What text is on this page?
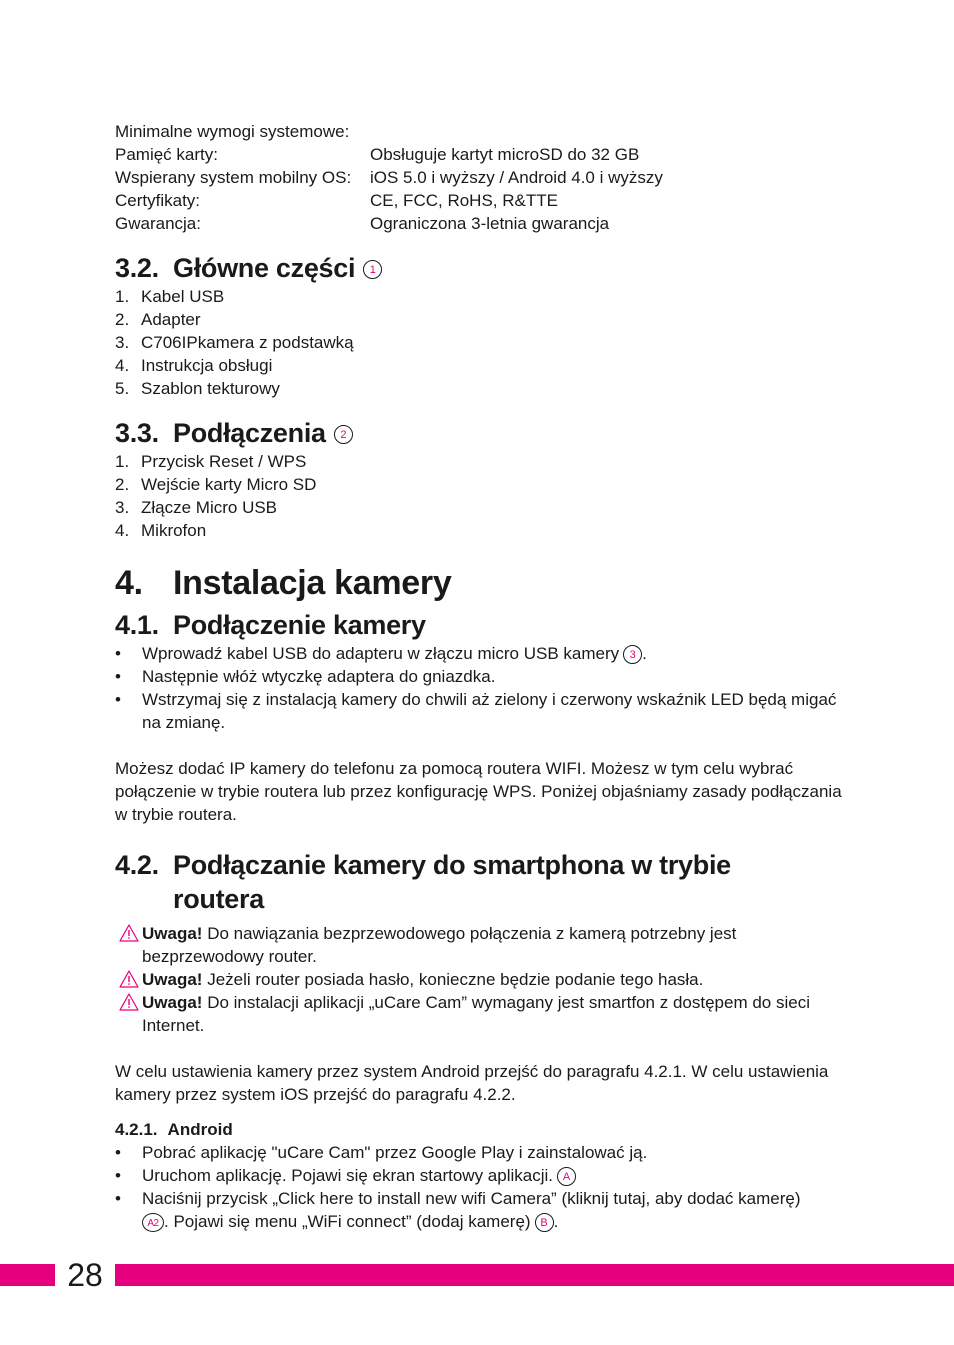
Minimalne wymogi systemowe:

Pamięć karty:	Obsługuje kartyt microSD do 32 GB
Wspierany system mobilny OS:	iOS 5.0 i wyższy / Android 4.0 i wyższy
Certyfikaty:	CE, FCC, RoHS, R&TTE
Gwarancja:	Ograniczona 3-letnia gwarancja
3.2. Główne części	1
1. Kabel USB
2. Adapter
3. C706IPkamera z podstawką
4. Instrukcja obsługi
5. Szablon tekturowy
3.3. Podłączenia	2
1. Przycisk Reset / WPS
2. Wejście karty Micro SD
3. Złącze Micro USB
4. Mikrofon
4. Instalacja kamery
4.1. Podłączenie kamery
•	Wprowadź kabel USB do adapteru w złączu micro USB kamery 3 .
•	Następnie włóż wtyczkę adaptera do gniazdka.
•	Wstrzymaj się z instalacją kamery do chwili aż zielony i czerwony wskaźnik LED będą migać na zmianę.

Możesz dodać IP kamery do telefonu za pomocą routera WIFI. Możesz w tym celu wybrać połączenie w trybie routera lub przez konfigurację WPS. Poniżej objaśniamy zasady podłączania w trybie routera.

4.2. Podłączanie kamery do smartphona w trybie routera
Uwaga! Do nawiązania bezprzewodowego połączenia z kamerą potrzebny jest bezprzewodowy router.
Uwaga! Jeżeli router posiada hasło, konieczne będzie podanie tego hasła.
Uwaga! Do instalacji aplikacji „uCare Cam” wymagany jest smartfon z dostępem do sieci Internet.

W celu ustawienia kamery przez system Android przejść do paragrafu 4.2.1. W celu ustawienia kamery przez system iOS przejść do paragrafu 4.2.2.

4.2.1. Android
•	Pobrać aplikację "uCare Cam" przez Google Play i zainstalować ją.
•	Uruchom aplikację. Pojawi się ekran startowy aplikacji. A
•	Naciśnij przycisk „Click here to install new wifi Camera” (kliknij tutaj, aby dodać kamerę)
A2 . Pojawi się menu „WiFi connect” (dodaj kamerę) B .
28
